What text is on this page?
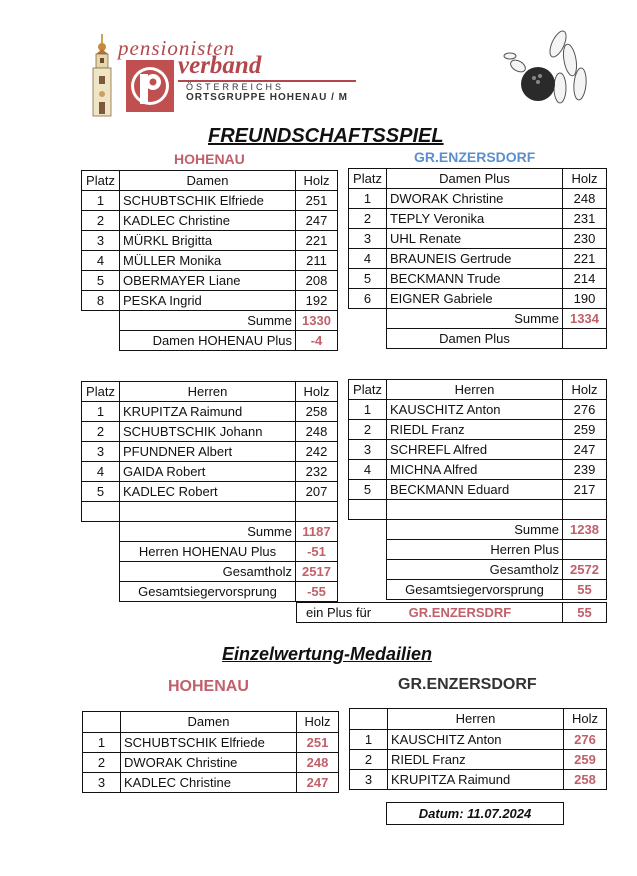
pensionisten
verband
ÖSTERREICHS
ORTSGRUPPE HOHENAU / M
FREUNDSCHAFTSSPIEL
HOHENAU	GR.ENZERSDORF
Platz	Damen	Holz
1	SCHUBTSCHIK Elfriede	251
2	KADLEC Christine	247
3	MÜRKL Brigitta	221
4	MÜLLER Monika	211
5	OBERMAYER Liane	208
8	PESKA Ingrid	192
	Summe	1330
	Damen HOHENAU Plus	-4
Platz	Damen Plus	Holz
1	DWORAK Christine	248
2	TEPLY Veronika	231
3	UHL Renate	230
4	BRAUNEIS Gertrude	221
5	BECKMANN Trude	214
6	EIGNER Gabriele	190
	Summe	1334
	Damen Plus	
Platz	Herren	Holz
1	KRUPITZA Raimund	258
2	SCHUBTSCHIK Johann	248
3	PFUNDNER Albert	242
4	GAIDA Robert	232
5	KADLEC Robert	207

	Summe	1187
	Herren HOHENAU Plus	-51
	Gesamtholz	2517
	Gesamtsiegervorsprung	-55
Platz	Herren	Holz
1	KAUSCHITZ Anton	276
2	RIEDL Franz	259
3	SCHREFL Alfred	247
4	MICHNA Alfred	239
5	BECKMANN Eduard	217

	Summe	1238
	Herren Plus	
	Gesamtholz	2572
	Gesamtsiegervorsprung	55
ein Plus für	GR.ENZERSDRF	55
Einzelwertung-Medailien
HOHENAU	GR.ENZERSDORF
	Damen	Holz
1	SCHUBTSCHIK Elfriede	251
2	DWORAK Christine	248
3	KADLEC Christine	247
	Herren	Holz
1	KAUSCHITZ Anton	276
2	RIEDL Franz	259
3	KRUPITZA Raimund	258
Datum: 11.07.2024
